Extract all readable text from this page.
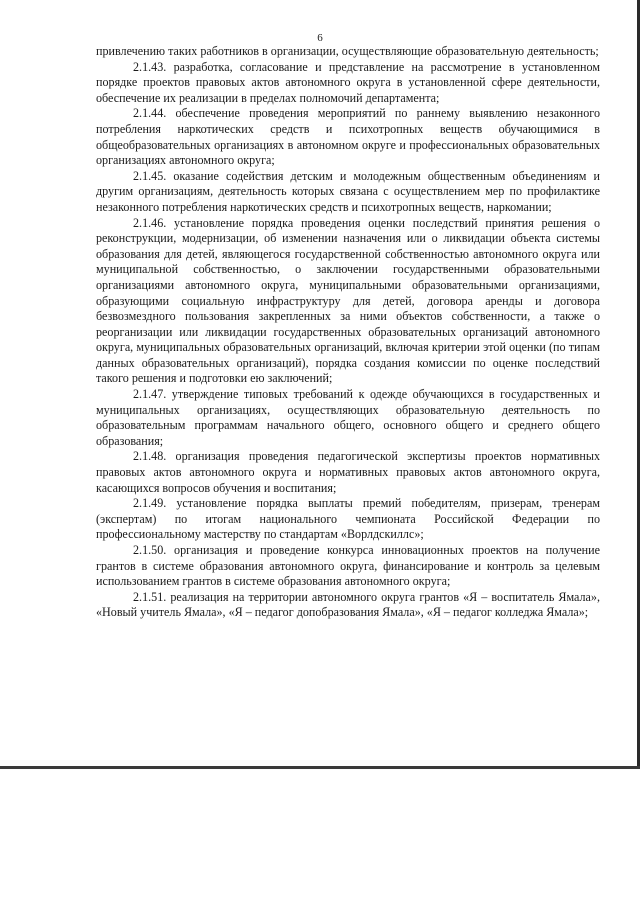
6

привлечению таких работников в организации, осуществляющие образовательную деятельность;

2.1.43. разработка, согласование и представление на рассмотрение в установленном порядке проектов правовых актов автономного округа в установленной сфере деятельности, обеспечение их реализации в пределах полномочий департамента;

2.1.44. обеспечение проведения мероприятий по раннему выявлению незаконного потребления наркотических средств и психотропных веществ обучающимися в общеобразовательных организациях в автономном округе и профессиональных образовательных организациях автономного округа;

2.1.45. оказание содействия детским и молодежным общественным объединениям и другим организациям, деятельность которых связана с осуществлением мер по профилактике незаконного потребления наркотических средств и психотропных веществ, наркомании;

2.1.46. установление порядка проведения оценки последствий принятия решения о реконструкции, модернизации, об изменении назначения или о ликвидации объекта системы образования для детей, являющегося государственной собственностью автономного округа или муниципальной собственностью, о заключении государственными образовательными организациями автономного округа, муниципальными образовательными организациями, образующими социальную инфраструктуру для детей, договора аренды и договора безвозмездного пользования закрепленных за ними объектов собственности, а также о реорганизации или ликвидации государственных образовательных организаций автономного округа, муниципальных образовательных организаций, включая критерии этой оценки (по типам данных образовательных организаций), порядка создания комиссии по оценке последствий такого решения и подготовки ею заключений;

2.1.47. утверждение типовых требований к одежде обучающихся в государственных и муниципальных организациях, осуществляющих образовательную деятельность по образовательным программам начального общего, основного общего и среднего общего образования;

2.1.48. организация проведения педагогической экспертизы проектов нормативных правовых актов автономного округа и нормативных правовых актов автономного округа, касающихся вопросов обучения и воспитания;

2.1.49. установление порядка выплаты премий победителям, призерам, тренерам (экспертам) по итогам национального чемпионата Российской Федерации по профессиональному мастерству по стандартам «Ворлдскиллс»;

2.1.50. организация и проведение конкурса инновационных проектов на получение грантов в системе образования автономного округа, финансирование и контроль за целевым использованием грантов в системе образования автономного округа;

2.1.51. реализация на территории автономного округа грантов «Я – воспитатель Ямала», «Новый учитель Ямала», «Я – педагог допобразования Ямала», «Я – педагог колледжа Ямала»;
